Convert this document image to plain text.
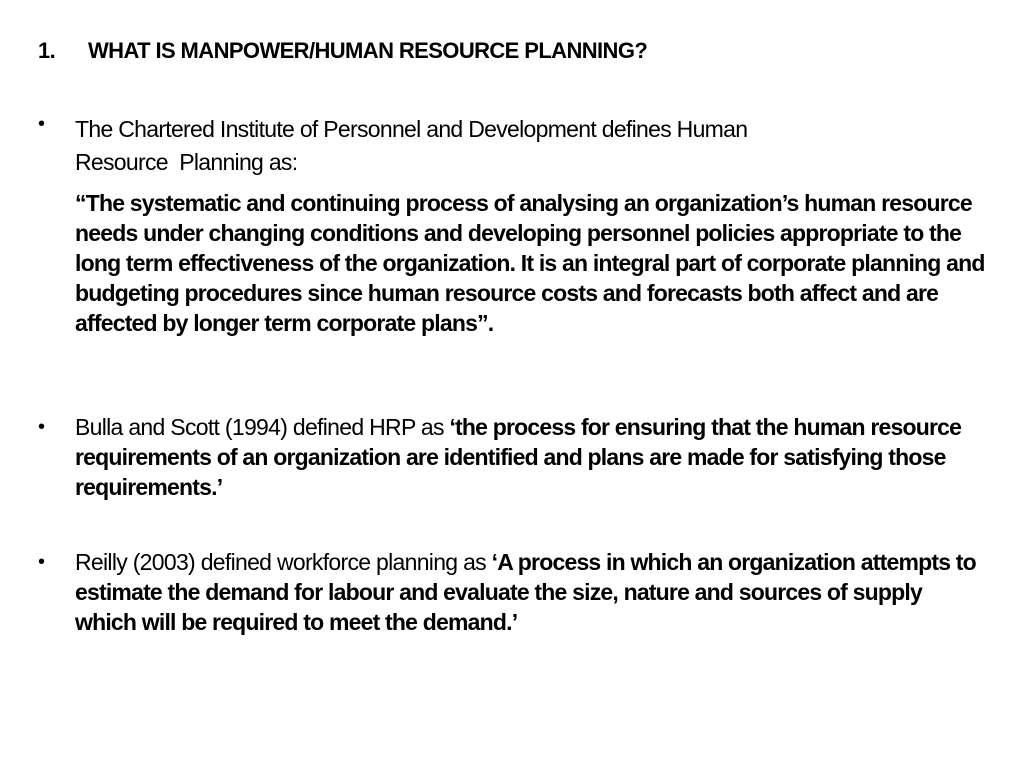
1. WHAT IS MANPOWER/HUMAN RESOURCE PLANNING?
•	The Chartered Institute of Personnel and Development defines Human
Resource  Planning as:
“The systematic and continuing process of analysing an organization’s human resource needs under changing conditions and developing personnel policies appropriate to the long term effectiveness of the organization. It is an integral part of corporate planning and budgeting procedures since human resource costs and forecasts both affect and are affected by longer term corporate plans”.
•	Bulla and Scott (1994) defined HRP as ‘the process for ensuring that the human resource requirements of an organization are identified and plans are made for satisfying those requirements.’
•	Reilly (2003) defined workforce planning as ‘A process in which an organization attempts to estimate the demand for labour and evaluate the size, nature and sources of supply which will be required to meet the demand.’
